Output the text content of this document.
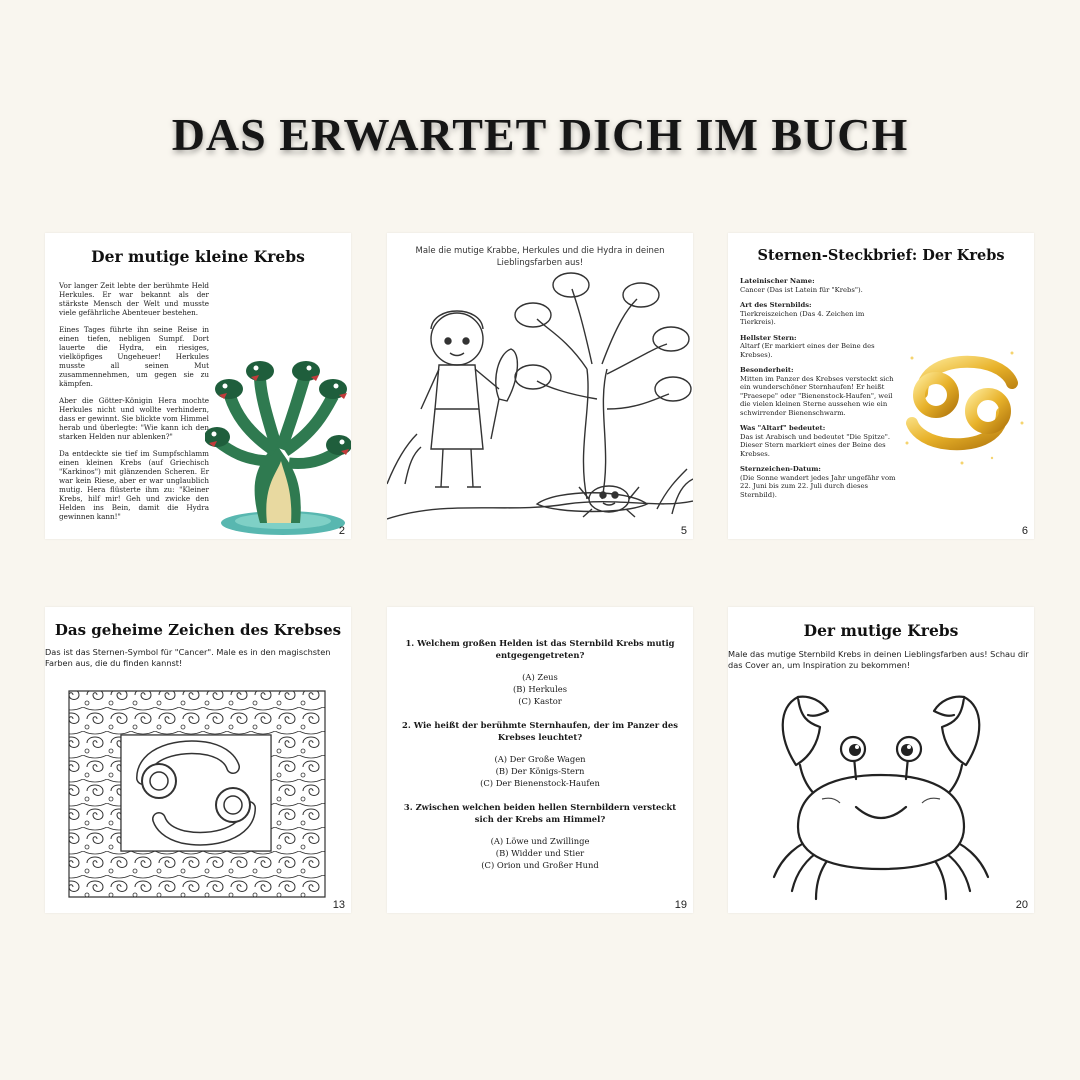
DAS ERWARTET DICH IM BUCH
Der mutige kleine Krebs

Vor langer Zeit lebte der berühmte Held Herkules. Er war bekannt als der stärkste Mensch der Welt und musste viele gefährliche Abenteuer bestehen.

Eines Tages führte ihn seine Reise in einen tiefen, nebligen Sumpf. Dort lauerte die Hydra, ein riesiges, vielköpfiges Ungeheuer! Herkules musste all seinen Mut zusammennehmen, um gegen sie zu kämpfen.

Aber die Götter-Königin Hera mochte Herkules nicht und wollte verhindern, dass er gewinnt. Sie blickte vom Himmel herab und überlegte: "Wie kann ich den starken Helden nur ablenken?"

Da entdeckte sie tief im Sumpfschlamm einen kleinen Krebs (auf Griechisch "Karkinos") mit glänzenden Scheren. Er war kein Riese, aber er war unglaublich mutig. Hera flüsterte ihm zu: "Kleiner Krebs, hilf mir! Geh und zwicke den Helden ins Bein, damit die Hydra gewinnen kann!"

2
Male die mutige Krabbe, Herkules und die Hydra in deinen Lieblingsfarben aus!
5
Sternen-Steckbrief: Der Krebs
Lateinischer Name:
Cancer (Das ist Latein für "Krebs").
Art des Sternbilds:
Tierkreiszeichen (Das 4. Zeichen im Tierkreis).
Hellster Stern:
Altarf (Er markiert eines der Beine des Krebses).
Besonderheit:
Mitten im Panzer des Krebses versteckt sich ein wunderschöner Sternhaufen! Er heißt "Praesepe" oder "Bienenstock-Haufen", weil die vielen kleinen Sterne aussehen wie ein schwirrender Bienenschwarm.
Was "Altarf" bedeutet:
Das ist Arabisch und bedeutet "Die Spitze". Dieser Stern markiert eines der Beine des Krebses.
Sternzeichen-Datum:
(Die Sonne wandert jedes Jahr ungefähr vom 22. Juni bis zum 22. Juli durch dieses Sternbild).
6
Das geheime Zeichen des Krebses
Das ist das Sternen-Symbol für "Cancer". Male es in den magischsten Farben aus, die du finden kannst!
13
1. Welchem großen Helden ist das Sternbild Krebs mutig entgegengetreten?
(A) Zeus
(B) Herkules
(C) Kastor
2. Wie heißt der berühmte Sternhaufen, der im Panzer des Krebses leuchtet?
(A) Der Große Wagen
(B) Der Königs-Stern
(C) Der Bienenstock-Haufen
3. Zwischen welchen beiden hellen Sternbildern versteckt sich der Krebs am Himmel?
(A) Löwe und Zwillinge
(B) Widder und Stier
(C) Orion und Großer Hund
19
Der mutige Krebs
Male das mutige Sternbild Krebs in deinen Lieblingsfarben aus! Schau dir das Cover an, um Inspiration zu bekommen!
20
